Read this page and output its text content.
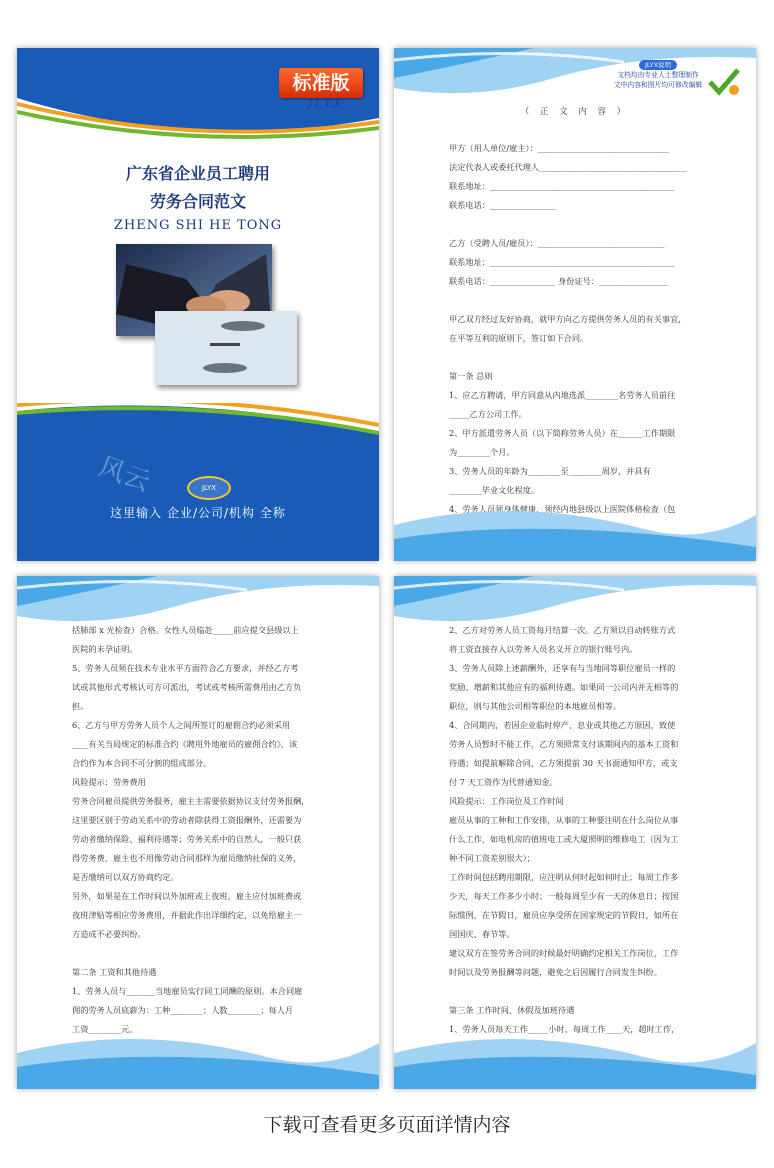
标准版
JLYX
广东省企业员工聘用
劳务合同范文
ZHENG SHI HE TONG
风云	JLYX
这里输入 企业/公司/机构 全称
JLYX说明
文档均由专业人士整理制作
文中内容和图片均可修改编辑
（ 正 文 内 容 ）

甲方（用人单位/雇主）：________________________________

法定代表人或委托代理人____________________________________

联系地址：_____________________________________________

联系电话：________________

乙方（受聘人员/雇员）：_______________________________

联系地址：_____________________________________________

联系电话：________________ 身份证号：_________________

甲乙双方经过友好协商，就甲方向乙方提供劳务人员的有关事宜，

在平等互利的原则下，签订如下合同。

第一条 总则

1、应乙方聘请，甲方同意从内地选派________名劳务人员前往

_____乙方公司工作。

2、甲方派遣劳务人员（以下简称劳务人员）在______工作期限

为________个月。

3、劳务人员的年龄为________至________周岁，并具有

________毕业文化程度。

4、劳务人员须身体健康，须经内地县级以上医院体格检查（包

括肺部 x 光检查）合格。女性人员临赴_____前应提交县级以上

医院的未孕证明。

5、劳务人员须在技术专业水平方面符合乙方要求，并经乙方考

试或其他形式考核认可方可派出，考试或考核所需费用由乙方负

担。

6、乙方与甲方劳务人员个人之间所签订的雇佣合约必须采用

____有关当局规定的标准合约《聘用外地雇员的雇佣合约》，该

合约作为本合同不可分割的组成部分。

风险提示：劳务费用

劳务合同雇员提供劳务服务，雇主主需要依据协议支付劳务报酬，

这里要区别于劳动关系中的劳动者除获得工资报酬外，还需要为

劳动者缴纳保险、福利待遇等；劳务关系中的自然人，一般只获

得劳务费，雇主也不用像劳动合同那样为雇员缴纳社保的义务，

是否缴纳可以双方协商约定。

另外，如果是在工作时间以外加班或上夜班，雇主应付加班费或

夜班津贴等相应劳务费用，并据此作出详细约定，以免给雇主一

方造成不必要纠纷。

第二条 工资和其他待遇

1、劳务人员与_______当地雇员实行同工同酬的原则。本合同雇

佣的劳务人员底薪为：工种________；人数________；每人月

工资________元。

2、乙方对劳务人员工资每月结算一次。乙方须以自动转账方式

将工资直接存入以劳务人员名义开立的银行账号内。

3、劳务人员除上述薪酬外，还享有与当地同等职位雇员一样的

奖励、增薪和其他应有的福利待遇。如果同一公司内并无相等的

职位，则与其他公司相等职位的本地雇员相等。

4、合同期内，若因企业临时停产、息业或其他乙方原因，致使

劳务人员暂时不能工作，乙方须照常支付该期间内的基本工资和

待遇；如提前解除合同，乙方须提前 30 天书面通知甲方，或支

付 7 天工资作为代替通知金。

风险提示：工作岗位及工作时间

雇员从事的工种和工作安排，从事的工种要注明在什么岗位从事

什么工作，如电机房的值班电工或大厦照明的维修电工（因为工

种不同工资差别很大）；

工作时间包括聘用期限，应注明从何时起如何时止；每周工作多

少天，每天工作多少小时；一般每周至少有一天的休息日；按国

际惯例，在节假日，雇员应享受所在国家规定的节假日，如所在

国国庆、春节等。

建议双方在签劳务合同的时候最好明确约定相关工作岗位，工作

时间以及劳务报酬等问题，避免之后因履行合同发生纠纷。

第三条 工作时间、休假及加班待遇

1、劳务人员每天工作_____小时，每周工作____天，超时工作，

下载可查看更多页面详情内容
